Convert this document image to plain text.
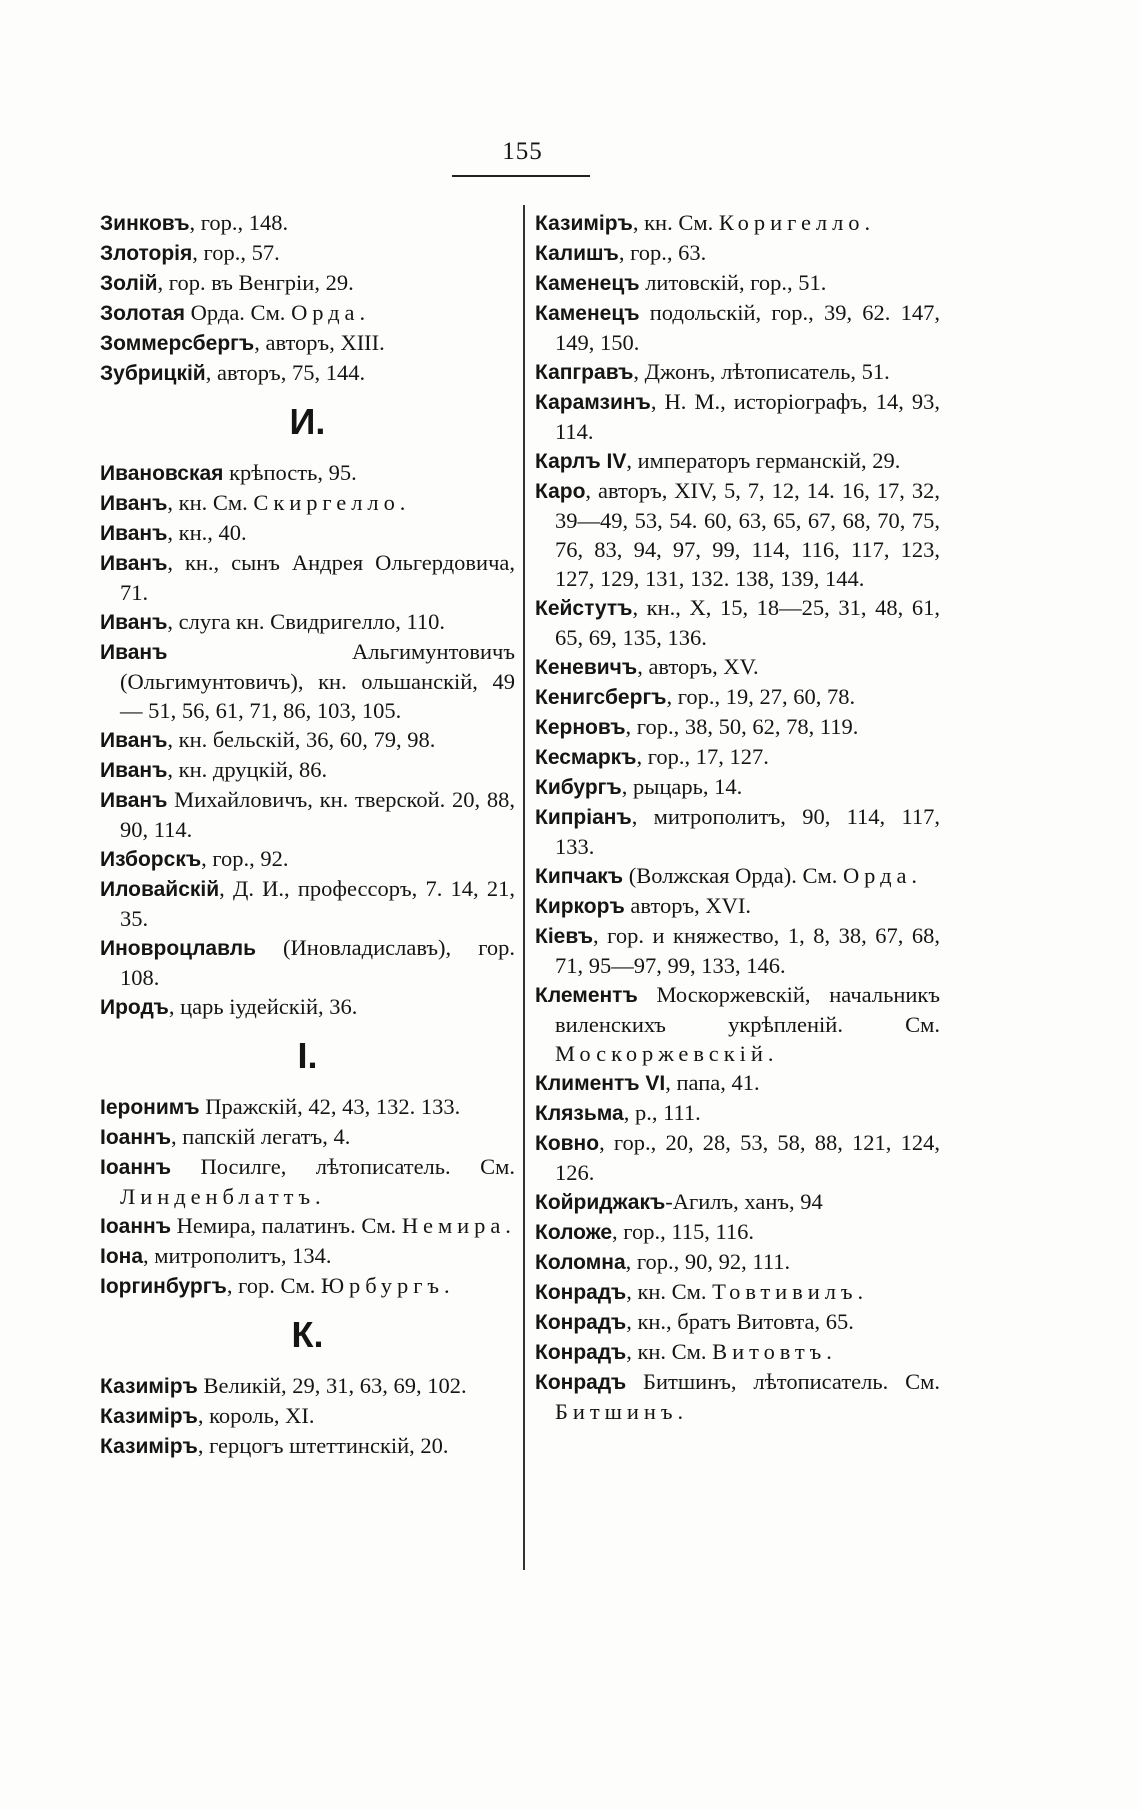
155
Зинковъ, гор., 148.
Злоторія, гор., 57.
Золій, гор. въ Венгріи, 29.
Золотая Орда. См. Орда.
Зоммерсбергъ, авторъ, XIII.
Зубрицкій, авторъ, 75, 144.
И.
Ивановская крѣпость, 95.
Иванъ, кн. См. Скиргелло.
Иванъ, кн., 40.
Иванъ, кн., сынъ Андрея Ольгердовича, 71.
Иванъ, слуга кн. Свидригелло, 110.
Иванъ Альгимунтовичъ (Ольгимунтовичъ), кн. ольшанскій, 49 — 51, 56, 61, 71, 86, 103, 105.
Иванъ, кн. бельскій, 36, 60, 79, 98.
Иванъ, кн. друцкій, 86.
Иванъ Михайловичъ, кн. тверской. 20, 88, 90, 114.
Изборскъ, гор., 92.
Иловайскій, Д. И., профессоръ, 7. 14, 21, 35.
Иновроцлавль (Иновладиславъ), гор. 108.
Иродъ, царь іудейскій, 36.
І.
Іеронимъ Пражскій, 42, 43, 132. 133.
Іоаннъ, папскій легатъ, 4.
Іоаннъ Посилге, лѣтописатель. См. Линденблаттъ.
Іоаннъ Немира, палатинъ. См. Немира.
Іона, митрополитъ, 134.
Іоргинбургъ, гор. См. Юрбургъ.
К.
Казиміръ Великій, 29, 31, 63, 69, 102.
Казиміръ, король, XI.
Казиміръ, герцогъ штеттинскій, 20.
Казиміръ, кн. См. Коригелло.
Калишъ, гор., 63.
Каменецъ литовскій, гор., 51.
Каменецъ подольскій, гор., 39, 62. 147, 149, 150.
Капгравъ, Джонъ, лѣтописатель, 51.
Карамзинъ, Н. М., исторіографъ, 14, 93, 114.
Карлъ IV, императоръ германскій, 29.
Каро, авторъ, XIV, 5, 7, 12, 14. 16, 17, 32, 39—49, 53, 54. 60, 63, 65, 67, 68, 70, 75, 76, 83, 94, 97, 99, 114, 116, 117, 123, 127, 129, 131, 132. 138, 139, 144.
Кейстутъ, кн., X, 15, 18—25, 31, 48, 61, 65, 69, 135, 136.
Кеневичъ, авторъ, XV.
Кенигсбергъ, гор., 19, 27, 60, 78.
Керновъ, гор., 38, 50, 62, 78, 119.
Кесмаркъ, гор., 17, 127.
Кибургъ, рыцарь, 14.
Кипріанъ, митрополитъ, 90, 114, 117, 133.
Кипчакъ (Волжская Орда). См. Орда.
Киркоръ авторъ, XVI.
Кіевъ, гор. и княжество, 1, 8, 38, 67, 68, 71, 95—97, 99, 133, 146.
Клементъ Москоржевскій, начальникъ виленскихъ укрѣпленій. См. Москоржевскій.
Климентъ VI, папа, 41.
Клязьма, р., 111.
Ковно, гор., 20, 28, 53, 58, 88, 121, 124, 126.
Койриджакъ-Агилъ, ханъ, 94
Коложе, гор., 115, 116.
Коломна, гор., 90, 92, 111.
Конрадъ, кн. См. Товтивилъ.
Конрадъ, кн., братъ Витовта, 65.
Конрадъ, кн. См. Витовтъ.
Конрадъ Битшинъ, лѣтописатель. См. Битшинъ.
